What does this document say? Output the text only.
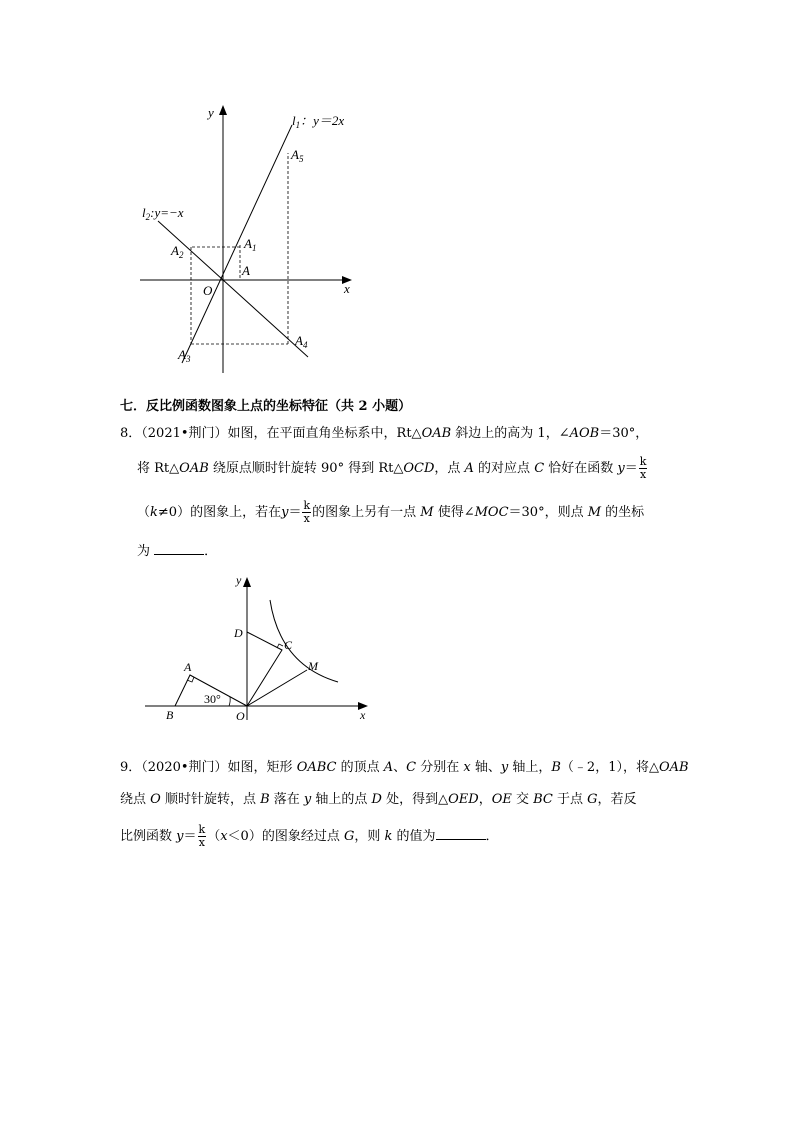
y
x
O
$l_1$：y＝2x
$l_2:y=-x$
$A_5$
$A_1$
A
$A_2$
$A_3$
$A_4$
七．反比例函数图象上点的坐标特征（共 2 小题）
8．（2021•荆门）如图，在平面直角坐标系中，Rt△OAB 斜边上的高为 1，∠AOB＝30°，
将 Rt△OAB 绕原点顺时针旋转 90° 得到 Rt△OCD，点 A 的对应点 C 恰好在函数 $y= \frac{k}{x}$
（k≠0）的图象上，若在$y= \frac{k}{x}$ 的图象上另有一点 M 使得∠MOC＝30°，则点 M 的坐标
为	．
y
x
O
D
C
M
A
B
30°
9．（2020•荆门）如图，矩形 OABC 的顶点 A、C 分别在 x 轴、y 轴上，B（﹣2，1），将△OAB
绕点 O 顺时针旋转，点 B 落在 y 轴上的点 D 处，得到△OED，OE 交 BC 于点 G，若反
比例函数 $y= \frac{k}{x} (x<0)$的图象经过点 G，则 k 的值为	．
